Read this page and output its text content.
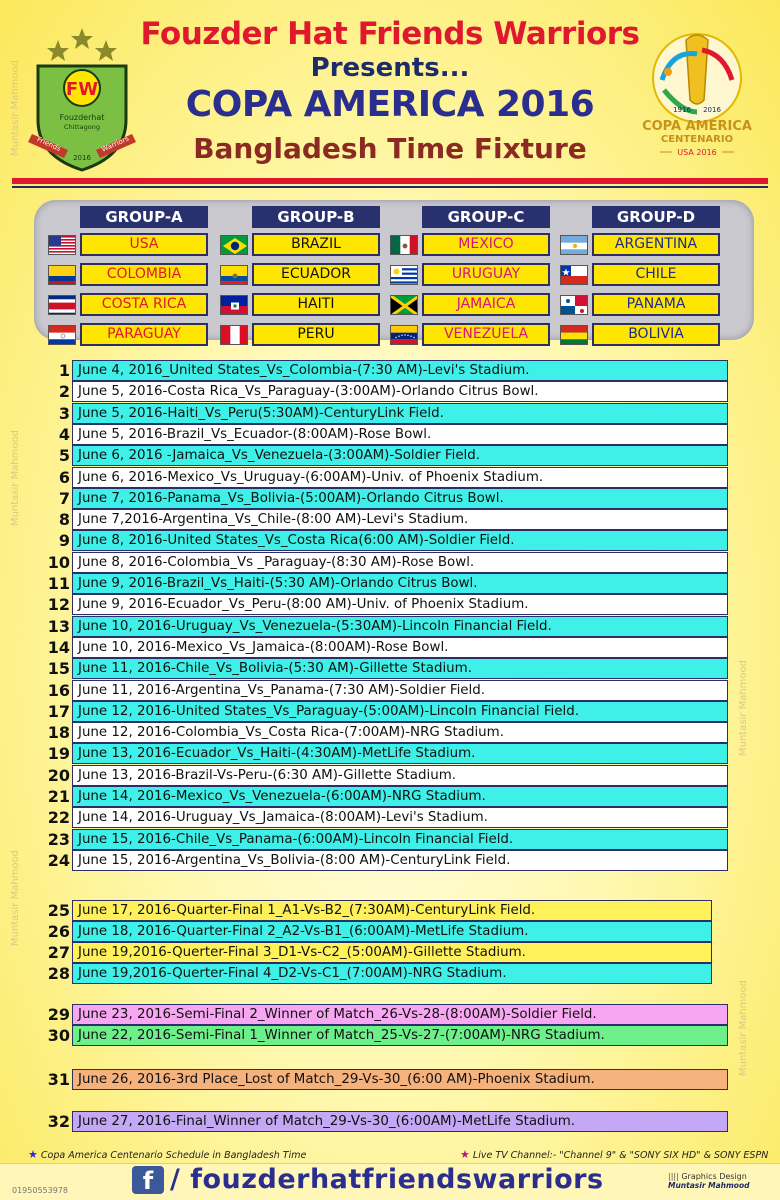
Muntasir Mahmood
Muntasir Mahmood
Muntasir Mahmood
Muntasir Mahmood
Muntasir Mahmood
FW
Fouzderhat
Chittagong
Friends	Warriors
2016
Fouzder Hat Friends Warriors
Presents...
COPA AMERICA 2016
Bangladesh Time Fixture
1916 2016
COPA AMERICA
CENTENARIO
USA 2016
GROUP-A
USA
COLOMBIA
COSTA RICA
PARAGUAY
GROUP-B
BRAZIL
ECUADOR
HAITI
PERU
GROUP-C
MEXICO
URUGUAY
JAMAICA
VENEZUELA
GROUP-D
ARGENTINA
CHILE
PANAMA
BOLIVIA
1 June 4, 2016_United States_Vs_Colombia-(7:30 AM)-Levi's Stadium.
2 June 5, 2016-Costa Rica_Vs_Paraguay-(3:00AM)-Orlando Citrus Bowl.
3 June 5, 2016-Haiti_Vs_Peru(5:30AM)-CenturyLink Field.
4 June 5, 2016-Brazil_Vs_Ecuador-(8:00AM)-Rose Bowl.
5 June 6, 2016 -Jamaica_Vs_Venezuela-(3:00AM)-Soldier Field.
6 June 6, 2016-Mexico_Vs_Uruguay-(6:00AM)-Univ. of Phoenix Stadium.
7 June 7, 2016-Panama_Vs_Bolivia-(5:00AM)-Orlando Citrus Bowl.
8 June 7,2016-Argentina_Vs_Chile-(8:00 AM)-Levi's Stadium.
9 June 8, 2016-United States_Vs_Costa Rica(6:00 AM)-Soldier Field.
10 June 8, 2016-Colombia_Vs _Paraguay-(8:30 AM)-Rose Bowl.
11 June 9, 2016-Brazil_Vs_Haiti-(5:30 AM)-Orlando Citrus Bowl.
12 June 9, 2016-Ecuador_Vs_Peru-(8:00 AM)-Univ. of Phoenix Stadium.
13 June 10, 2016-Uruguay_Vs_Venezuela-(5:30AM)-Lincoln Financial Field.
14 June 10, 2016-Mexico_Vs_Jamaica-(8:00AM)-Rose Bowl.
15 June 11, 2016-Chile_Vs_Bolivia-(5:30 AM)-Gillette Stadium.
16 June 11, 2016-Argentina_Vs_Panama-(7:30 AM)-Soldier Field.
17 June 12, 2016-United States_Vs_Paraguay-(5:00AM)-Lincoln Financial Field.
18 June 12, 2016-Colombia_Vs_Costa Rica-(7:00AM)-NRG Stadium.
19 June 13, 2016-Ecuador_Vs_Haiti-(4:30AM)-MetLife Stadium.
20 June 13, 2016-Brazil-Vs-Peru-(6:30 AM)-Gillette Stadium.
21 June 14, 2016-Mexico_Vs_Venezuela-(6:00AM)-NRG Stadium.
22 June 14, 2016-Uruguay_Vs_Jamaica-(8:00AM)-Levi's Stadium.
23 June 15, 2016-Chile_Vs_Panama-(6:00AM)-Lincoln Financial Field.
24 June 15, 2016-Argentina_Vs_Bolivia-(8:00 AM)-CenturyLink Field.
25 June 17, 2016-Quarter-Final 1_A1-Vs-B2_(7:30AM)-CenturyLink Field.
26 June 18, 2016-Quarter-Final 2_A2-Vs-B1_(6:00AM)-MetLife Stadium.
27 June 19,2016-Querter-Final 3_D1-Vs-C2_(5:00AM)-Gillette Stadium.
28 June 19,2016-Querter-Final 4_D2-Vs-C1_(7:00AM)-NRG Stadium.
29 June 23, 2016-Semi-Final 2_Winner of Match_26-Vs-28-(8:00AM)-Soldier Field.
30 June 22, 2016-Semi-Final 1_Winner of Match_25-Vs-27-(7:00AM)-NRG Stadium.
31 June 26, 2016-3rd Place_Lost of Match_29-Vs-30_(6:00 AM)-Phoenix Stadium.
32 June 27, 2016-Final_Winner of Match_29-Vs-30_(6:00AM)-MetLife Stadium.
★ Copa America Centenario Schedule in Bangladesh Time	★ Live TV Channel:- "Channel 9" & "SONY SIX HD" & SONY ESPN
01950553978	f / fouzderhatfriendswarriors	|||| Graphics Design
Muntasir Mahmood
